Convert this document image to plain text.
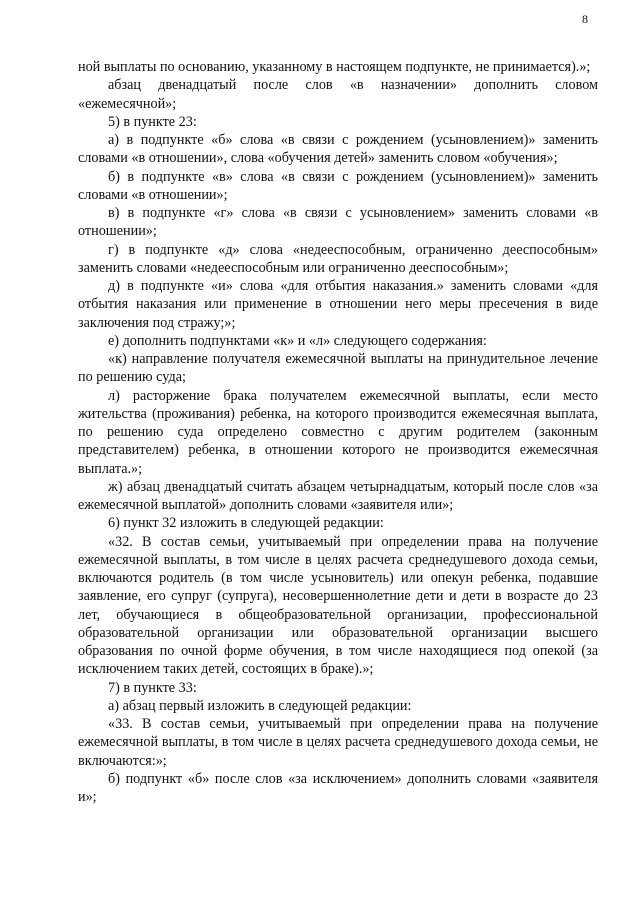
8

ной выплаты по основанию, указанному в настоящем подпункте, не принимается).»;

абзац двенадцатый после слов «в назначении» дополнить словом «ежемесячной»;

5) в пункте 23:

а) в подпункте «б» слова «в связи с рождением (усыновлением)» заменить словами «в отношении», слова «обучения детей» заменить словом «обучения»;

б) в подпункте «в» слова «в связи с рождением (усыновлением)» заменить словами «в отношении»;

в) в подпункте «г» слова «в связи с усыновлением» заменить словами «в отношении»;

г) в подпункте «д» слова «недееспособным, ограниченно дееспособным» заменить словами «недееспособным или ограниченно дееспособным»;

д) в подпункте «и» слова «для отбытия наказания.» заменить словами «для отбытия наказания или применение в отношении него меры пресечения в виде заключения под стражу;»;

е) дополнить подпунктами «к» и «л» следующего содержания:

«к) направление получателя ежемесячной выплаты на принудительное лечение по решению суда;

л) расторжение брака получателем ежемесячной выплаты, если место жительства (проживания) ребенка, на которого производится ежемесячная выплата, по решению суда определено совместно с другим родителем (законным представителем) ребенка, в отношении которого не производится ежемесячная выплата.»;

ж) абзац двенадцатый считать абзацем четырнадцатым, который после слов «за ежемесячной выплатой» дополнить словами «заявителя или»;

6) пункт 32 изложить в следующей редакции:

«32. В состав семьи, учитываемый при определении права на получение ежемесячной выплаты, в том числе в целях расчета среднедушевого дохода семьи, включаются родитель (в том числе усыновитель) или опекун ребенка, подавшие заявление, его супруг (супруга), несовершеннолетние дети и дети в возрасте до 23 лет, обучающиеся в общеобразовательной организации, профессиональной образовательной организации или образовательной организации высшего образования по очной форме обучения, в том числе находящиеся под опекой (за исключением таких детей, состоящих в браке).»;

7) в пункте 33:

а) абзац первый изложить в следующей редакции:

«33. В состав семьи, учитываемый при определении права на получение ежемесячной выплаты, в том числе в целях расчета среднедушевого дохода семьи, не включаются:»;

б) подпункт «б» после слов «за исключением» дополнить словами «заявителя и»;
